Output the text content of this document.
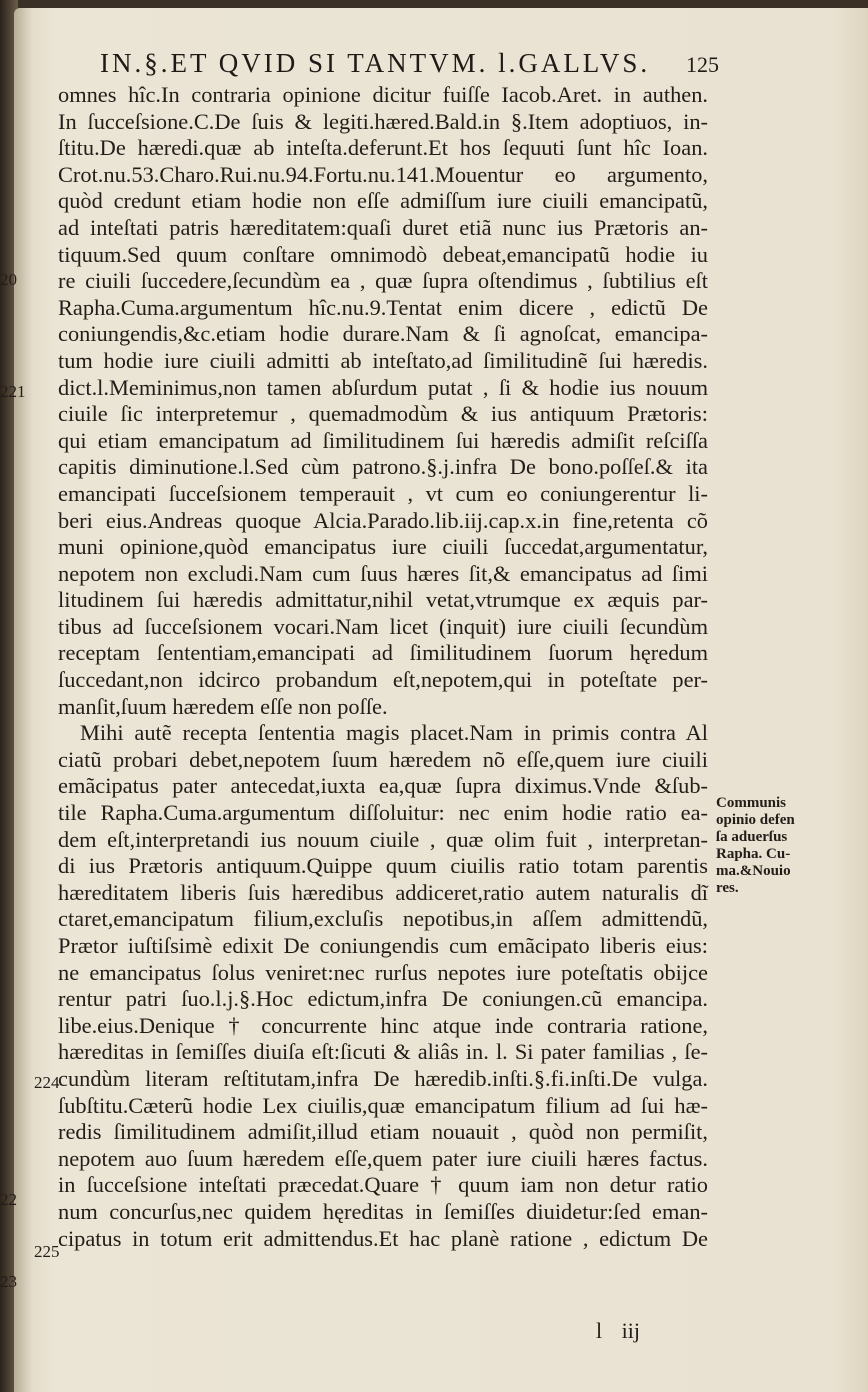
IN.§.ET QVID SI TANTVM. l.GALLVS.	125
omnes hîc.In contraria opinione dicitur fuiſſe Iacob.Aret. in authen.
In ſucceſsione.C.De ſuis & legiti.hæred.Bald.in §.Item adoptiuos, in-
ſtitu.De hæredi.quæ ab inteſta.deferunt.Et hos ſequuti ſunt hîc Ioan.
Crot.nu.53.Charo.Rui.nu.94.Fortu.nu.141.Mouentur eo argumento,
quòd credunt etiam hodie non eſſe admiſſum iure ciuili emancipatũ,
ad inteſtati patris hæreditatem:quaſi duret etiã nunc ius Prætoris an-
tiquum.Sed quum conſtare omnimodò debeat,emancipatũ hodie iu
re ciuili ſuccedere,ſecundùm ea , quæ ſupra oſtendimus , ſubtilius eſt
Rapha.Cuma.argumentum hîc.nu.9.Tentat enim dicere , edictũ De
coniungendis,&c.etiam hodie durare.Nam & ſi agnoſcat, emancipa-
tum hodie iure ciuili admitti ab inteſtato,ad ſimilitudinẽ ſui hæredis.
dict.l.Meminimus,non tamen abſurdum putat , ſi & hodie ius nouum
ciuile ſic interpretemur , quemadmodùm & ius antiquum Prætoris:
qui etiam emancipatum ad ſimilitudinem ſui hæredis admiſit reſciſſa
capitis diminutione.l.Sed cùm patrono.§.j.infra De bono.poſſeſ.& ita
emancipati ſucceſsionem temperauit , vt cum eo coniungerentur li-
beri eius.Andreas quoque Alcia.Parado.lib.iij.cap.x.in fine,retenta cõ
muni opinione,quòd emancipatus iure ciuili ſuccedat,argumentatur,
nepotem non excludi.Nam cum ſuus hæres ſit,& emancipatus ad ſimi
litudinem ſui hæredis admittatur,nihil vetat,vtrumque ex æquis par-
tibus ad ſucceſsionem vocari.Nam licet (inquit) iure ciuili ſecundùm
receptam ſententiam,emancipati ad ſimilitudinem ſuorum hęredum
ſuccedant,non idcirco probandum eſt,nepotem,qui in poteſtate per-
manſit,ſuum hæredem eſſe non poſſe.
Mihi autẽ recepta ſententia magis placet.Nam in primis contra Al
ciatũ probari debet,nepotem ſuum hæredem nõ eſſe,quem iure ciuili
emãcipatus pater antecedat,iuxta ea,quæ ſupra diximus.Vnde &ſub-
tile Rapha.Cuma.argumentum diſſoluitur: nec enim hodie ratio ea-
dem eſt,interpretandi ius nouum ciuile , quæ olim fuit , interpretan-
di ius Prætoris antiquum.Quippe quum ciuilis ratio totam parentis
hæreditatem liberis ſuis hæredibus addiceret,ratio autem naturalis dĩ
ctaret,emancipatum filium,excluſis nepotibus,in aſſem admittendũ,
Prætor iuſtiſsimè edixit De coniungendis cum emãcipato liberis eius:
ne emancipatus ſolus veniret:nec rurſus nepotes iure poteſtatis obijce
rentur patri ſuo.l.j.§.Hoc edictum,infra De coniungen.cũ emancipa.
libe.eius.Denique † concurrente hinc atque inde contraria ratione,
hæreditas in ſemiſſes diuiſa eſt:ſicuti & aliâs in. l. Si pater familias , ſe-
cundùm literam reſtitutam,infra De hæredib.inſti.§.fi.inſti.De vulga.
ſubſtitu.Cæterũ hodie Lex ciuilis,quæ emancipatum filium ad ſui hæ-
redis ſimilitudinem admiſit,illud etiam nouauit , quòd non permiſit,
nepotem auo ſuum hæredem eſſe,quem pater iure ciuili hæres factus.
in ſucceſsione inteſtati præcedat.Quare † quum iam non detur ratio
num concurſus,nec quidem hęreditas in ſemiſſes diuidetur:ſed eman-
cipatus in totum erit admittendus.Et hac planè ratione , edictum De
20
221
224
22
225
23
Communis
opinio defen
ſa aduerſus
Rapha. Cu-
ma.&Nouio
res.
l iij
